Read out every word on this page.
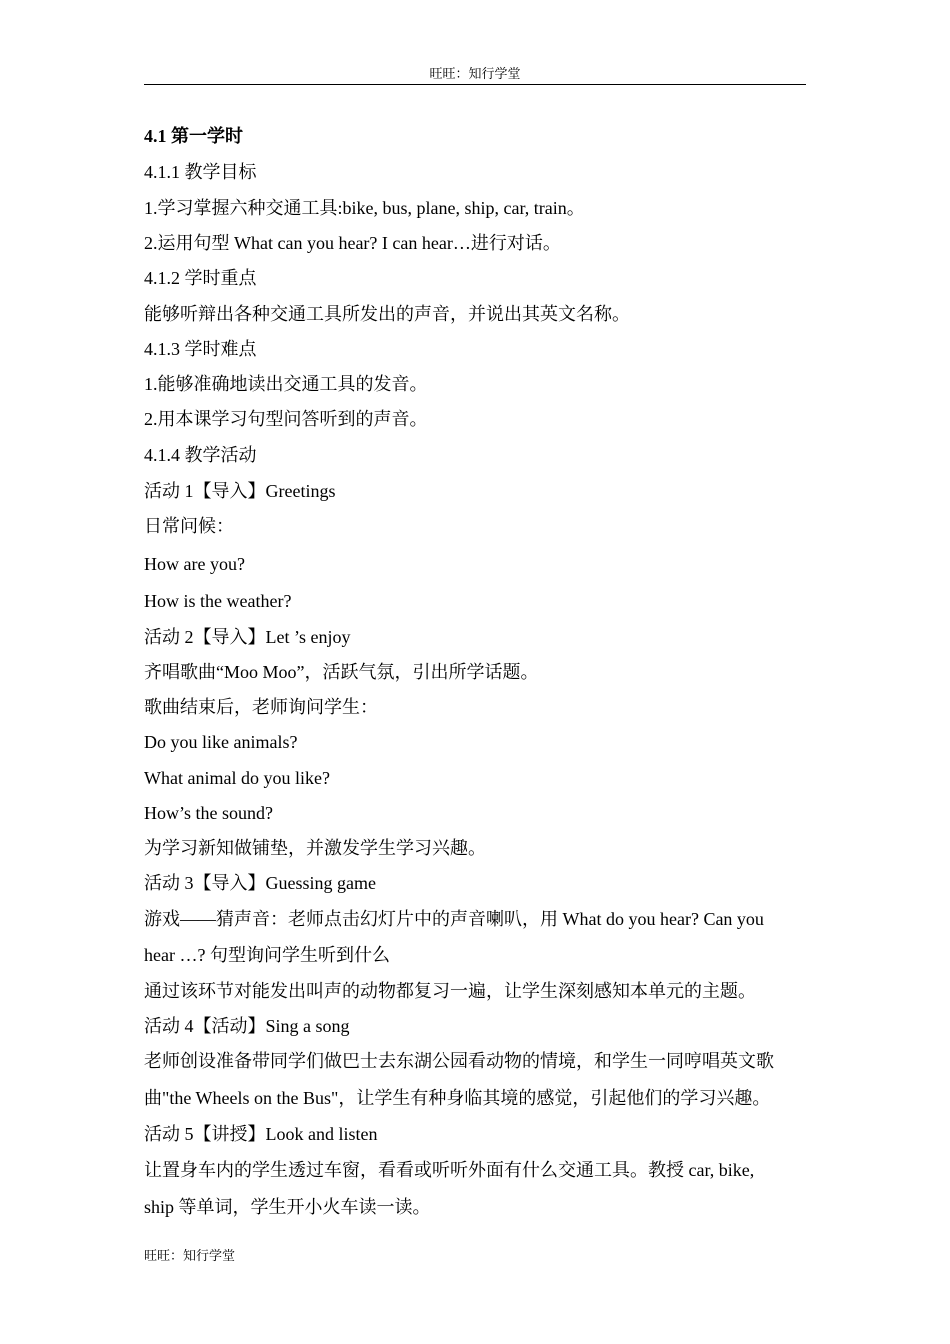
旺旺：知行学堂
4.1 第一学时
4.1.1 教学目标
1.学习掌握六种交通工具:bike, bus, plane, ship, car, train。
2.运用句型 What can you hear? I can hear…进行对话。
4.1.2 学时重点
能够听辩出各种交通工具所发出的声音，并说出其英文名称。
4.1.3 学时难点
1.能够准确地读出交通工具的发音。
2.用本课学习句型问答听到的声音。
4.1.4 教学活动
活动 1【导入】Greetings
日常问候：
How are you?
How is the weather?
活动 2【导入】Let ’s enjoy
齐唱歌曲“Moo Moo”，活跃气氛，引出所学话题。
歌曲结束后，老师询问学生：
Do you like animals?
What animal do you like?
How’s the sound?
为学习新知做铺垫，并激发学生学习兴趣。
活动 3【导入】Guessing game
游戏——猜声音：老师点击幻灯片中的声音喇叭，用 What do you hear? Can you
hear …? 句型询问学生听到什么
通过该环节对能发出叫声的动物都复习一遍，让学生深刻感知本单元的主题。
活动 4【活动】Sing a song
老师创设准备带同学们做巴士去东湖公园看动物的情境，和学生一同哼唱英文歌
曲"the Wheels on the Bus"，让学生有种身临其境的感觉，引起他们的学习兴趣。
活动 5【讲授】Look and listen
让置身车内的学生透过车窗，看看或听听外面有什么交通工具。教授 car, bike,
ship 等单词，学生开小火车读一读。
旺旺：知行学堂
